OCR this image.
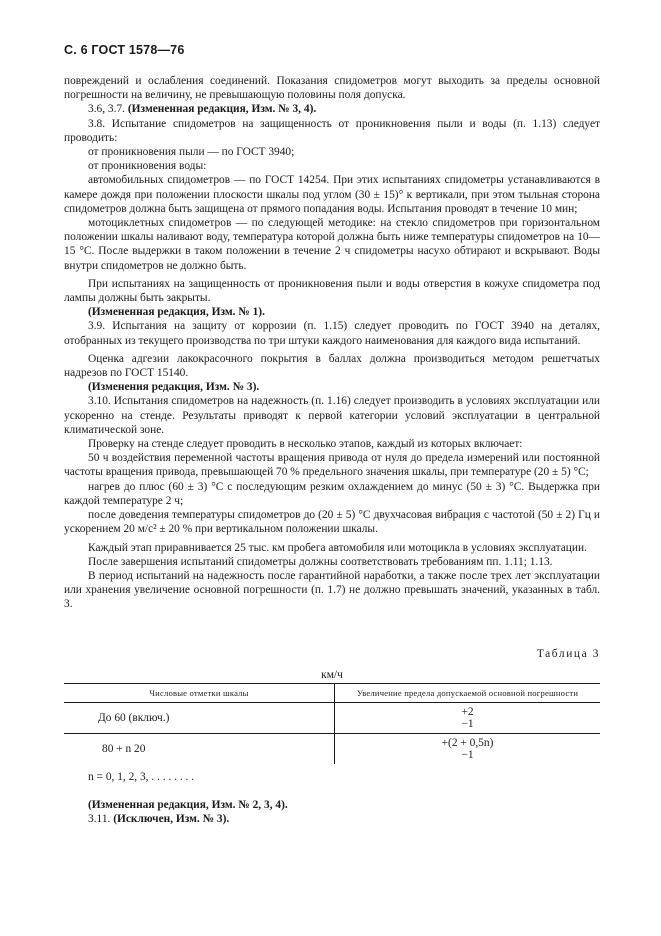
С. 6 ГОСТ 1578—76

повреждений и ослабления соединений. Показания спидометров могут выходить за пределы основной погрешности на величину, не превышающую половины поля допуска.

3.6, 3.7. (Измененная редакция, Изм. № 3, 4).

3.8. Испытание спидометров на защищенность от проникновения пыли и воды (п. 1.13) следует проводить:

от проникновения пыли — по ГОСТ 3940;

от проникновения воды:

автомобильных спидометров — по ГОСТ 14254. При этих испытаниях спидометры устанавливаются в камере дождя при положении плоскости шкалы под углом (30 ± 15)° к вертикали, при этом тыльная сторона спидометров должна быть защищена от прямого попадания воды. Испытания проводят в течение 10 мин;

мотоциклетных спидометров — по следующей методике: на стекло спидометров при горизонтальном положении шкалы наливают воду, температура которой должна быть ниже температуры спидометров на 10—15 °С. После выдержки в таком положении в течение 2 ч спидометры насухо обтирают и вскрывают. Воды внутри спидометров не должно быть.

При испытаниях на защищенность от проникновения пыли и воды отверстия в кожухе спидометра под лампы должны быть закрыты.

(Измененная редакция, Изм. № 1).

3.9. Испытания на защиту от коррозии (п. 1.15) следует проводить по ГОСТ 3940 на деталях, отобранных из текущего производства по три штуки каждого наименования для каждого вида испытаний.

Оценка адгезии лакокрасочного покрытия в баллах должна производиться методом решетчатых надрезов по ГОСТ 15140.

(Изменения редакция, Изм. № 3).

3.10. Испытания спидометров на надежность (п. 1.16) следует производить в условиях эксплуатации или ускоренно на стенде. Результаты приводят к первой категории условий эксплуатации в центральной климатической зоне.

Проверку на стенде следует проводить в несколько этапов, каждый из которых включает:

50 ч воздействия переменной частоты вращения привода от нуля до предела измерений или постоянной частоты вращения привода, превышающей 70 % предельного значения шкалы, при температуре (20 ± 5) °С;

нагрев до плюс (60 ± 3) °С с последующим резким охлаждением до минус (50 ± 3) °С. Выдержка при каждой температуре 2 ч;

после доведения температуры спидометров до (20 ± 5) °С двухчасовая вибрация с частотой (50 ± 2) Гц и ускорением 20 м/с² ± 20 % при вертикальном положении шкалы.

Каждый этап приравнивается 25 тыс. км пробега автомобиля или мотоцикла в условиях эксплуатации.

После завершения испытаний спидометры должны соответствовать требованиям пп. 1.11; 1.13.

В период испытаний на надежность после гарантийной наработки, а также после трех лет эксплуатации или хранения увеличение основной погрешности (п. 1.7) не должно превышать значений, указанных в табл. 3.

Таблица 3
км/ч
Числовые отметки шкалы	Увеличение предела допускаемой основной погрешности
До 60 (включ.)	+2
−1

80 + n 20	+(2 + 0,5n)
−1

n = 0, 1, 2, 3, . . . . . . . .

(Измененная редакция, Изм. № 2, 3, 4).

3.11. (Исключен, Изм. № 3).
